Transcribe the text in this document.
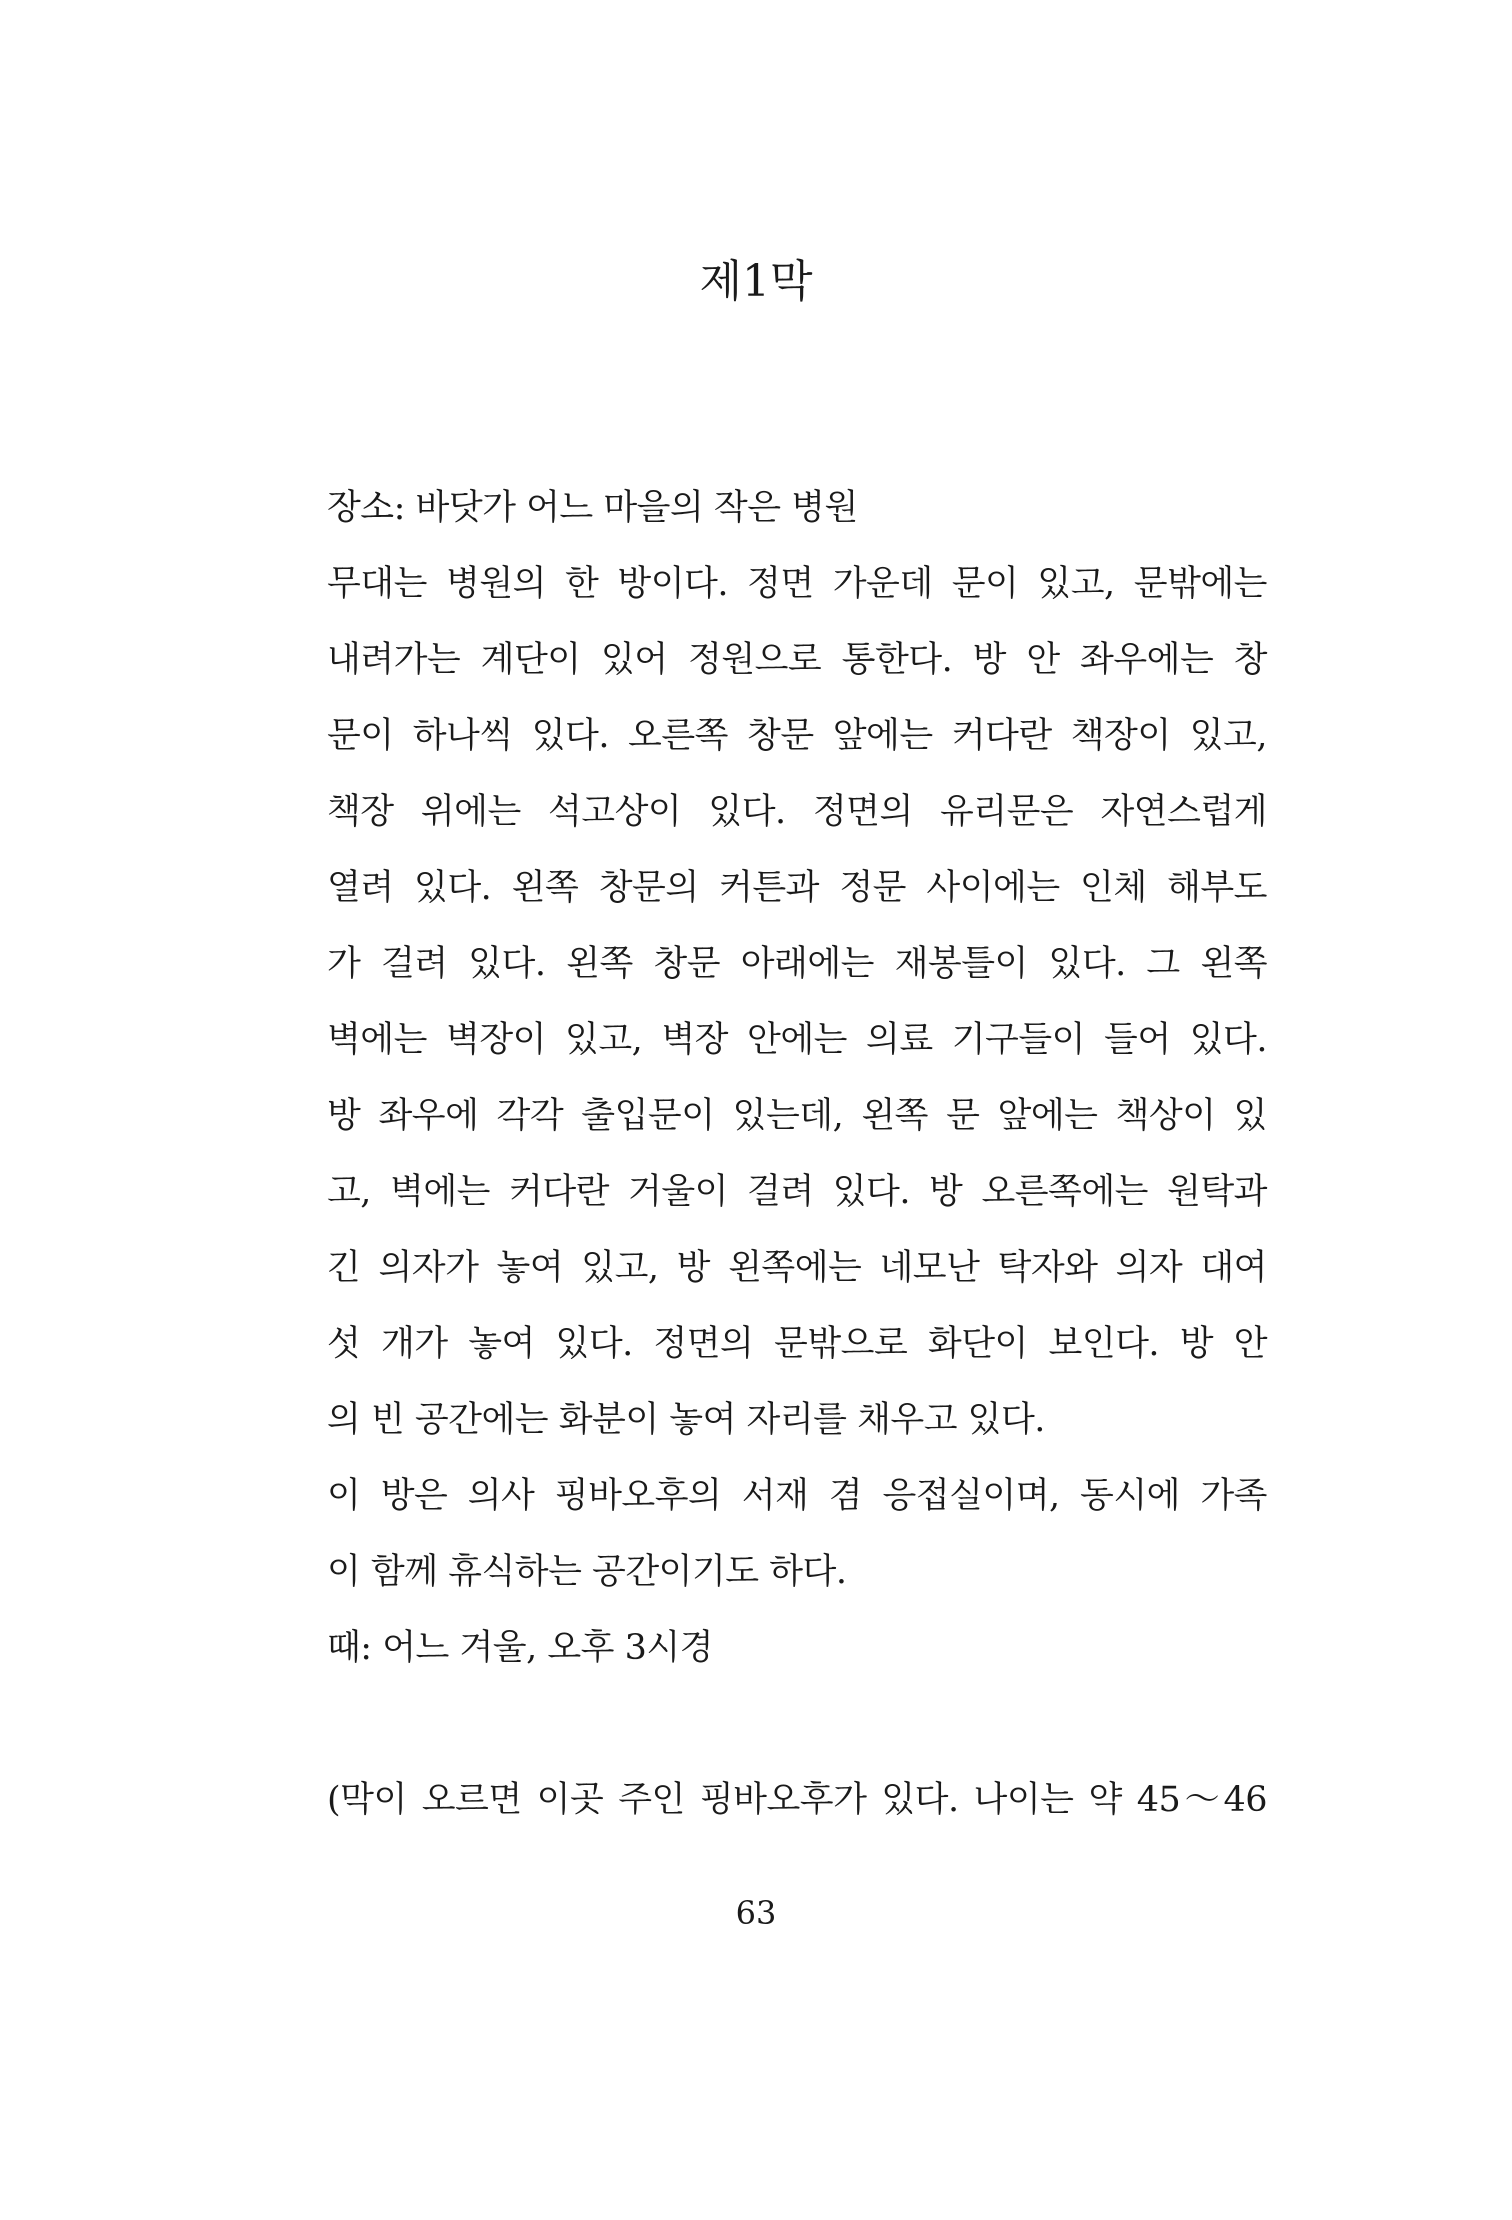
제1막
장소: 바닷가 어느 마을의 작은 병원
무대는 병원의 한 방이다. 정면 가운데 문이 있고, 문밖에는
내려가는 계단이 있어 정원으로 통한다. 방 안 좌우에는 창
문이 하나씩 있다. 오른쪽 창문 앞에는 커다란 책장이 있고,
책장 위에는 석고상이 있다. 정면의 유리문은 자연스럽게
열려 있다. 왼쪽 창문의 커튼과 정문 사이에는 인체 해부도
가 걸려 있다. 왼쪽 창문 아래에는 재봉틀이 있다. 그 왼쪽
벽에는 벽장이 있고, 벽장 안에는 의료 기구들이 들어 있다.
방 좌우에 각각 출입문이 있는데, 왼쪽 문 앞에는 책상이 있
고, 벽에는 커다란 거울이 걸려 있다. 방 오른쪽에는 원탁과
긴 의자가 놓여 있고, 방 왼쪽에는 네모난 탁자와 의자 대여
섯 개가 놓여 있다. 정면의 문밖으로 화단이 보인다. 방 안
의 빈 공간에는 화분이 놓여 자리를 채우고 있다.
이 방은 의사 핑바오후의 서재 겸 응접실이며, 동시에 가족
이 함께 휴식하는 공간이기도 하다.
때: 어느 겨울, 오후 3시경
(막이 오르면 이곳 주인 핑바오후가 있다. 나이는 약 45～46
63
